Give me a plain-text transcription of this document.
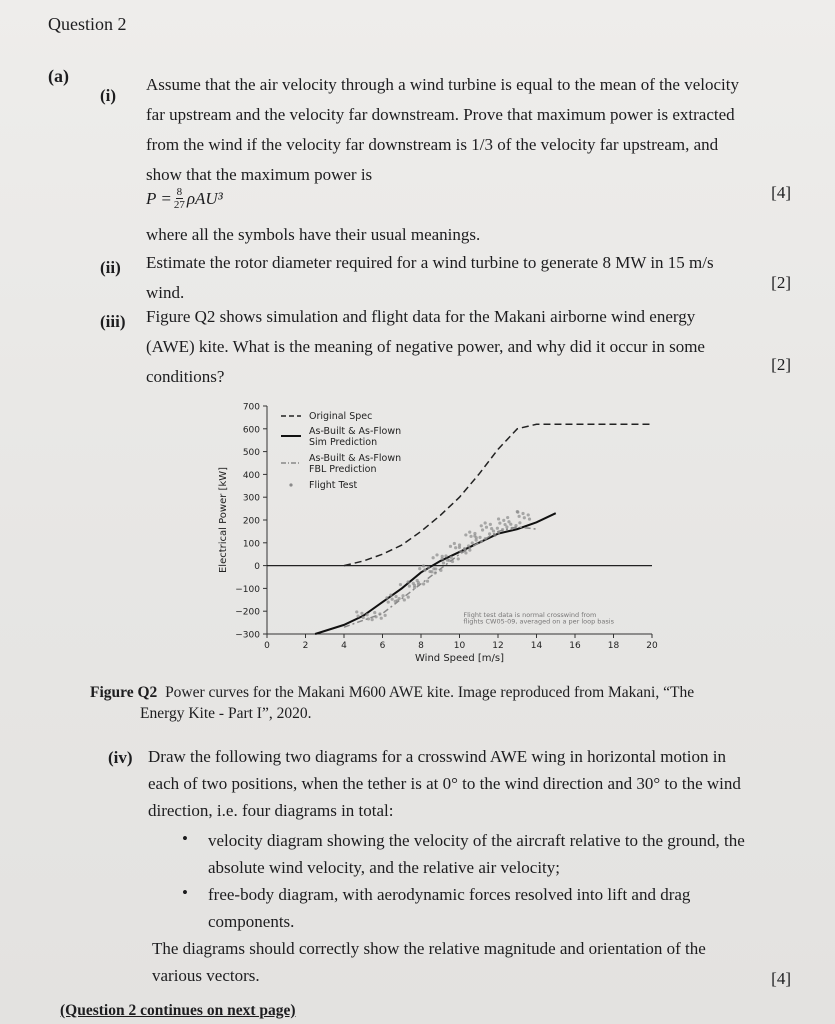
Question 2
(a)
(i)
Assume that the air velocity through a wind turbine is equal to the mean of the velocity
far upstream and the velocity far downstream. Prove that maximum power is extracted
from the wind if the velocity far downstream is 1/3 of the velocity far upstream, and
show that the maximum power is
$P = \frac{8}{27} \rho AU^3$	[4]
where all the symbols have their usual meanings.
(ii) Estimate the rotor diameter required for a wind turbine to generate 8 MW in 15 m/s
wind.
[2]
(iii) Figure Q2 shows simulation and flight data for the Makani airborne wind energy
(AWE) kite. What is the meaning of negative power, and why did it occur in some
conditions?
[2]
700
600
500
400
300
200
100
0
−100
−200
−300
0	2	4	6	8	10	12	14	16	18	20
Wind Speed [m/s]
Electrical Power [kW]
Original Spec
As-Built & As-Flown Sim Prediction
As-Built & As-Flown FBL Prediction
Flight Test
Flight test data is normal crosswind from
flights CW05-09, averaged on a per loop basis
Figure Q2 Power curves for the Makani M600 AWE kite. Image reproduced from Makani, “The
Energy Kite - Part I”, 2020.
(iv) Draw the following two diagrams for a crosswind AWE wing in horizontal motion in
each of two positions, when the tether is at 0° to the wind direction and 30° to the wind
direction, i.e. four diagrams in total:
• velocity diagram showing the velocity of the aircraft relative to the ground, the
absolute wind velocity, and the relative air velocity;
• free-body diagram, with aerodynamic forces resolved into lift and drag
components.
The diagrams should correctly show the relative magnitude and orientation of the
various vectors.	[4]
(Question 2 continues on next page)
